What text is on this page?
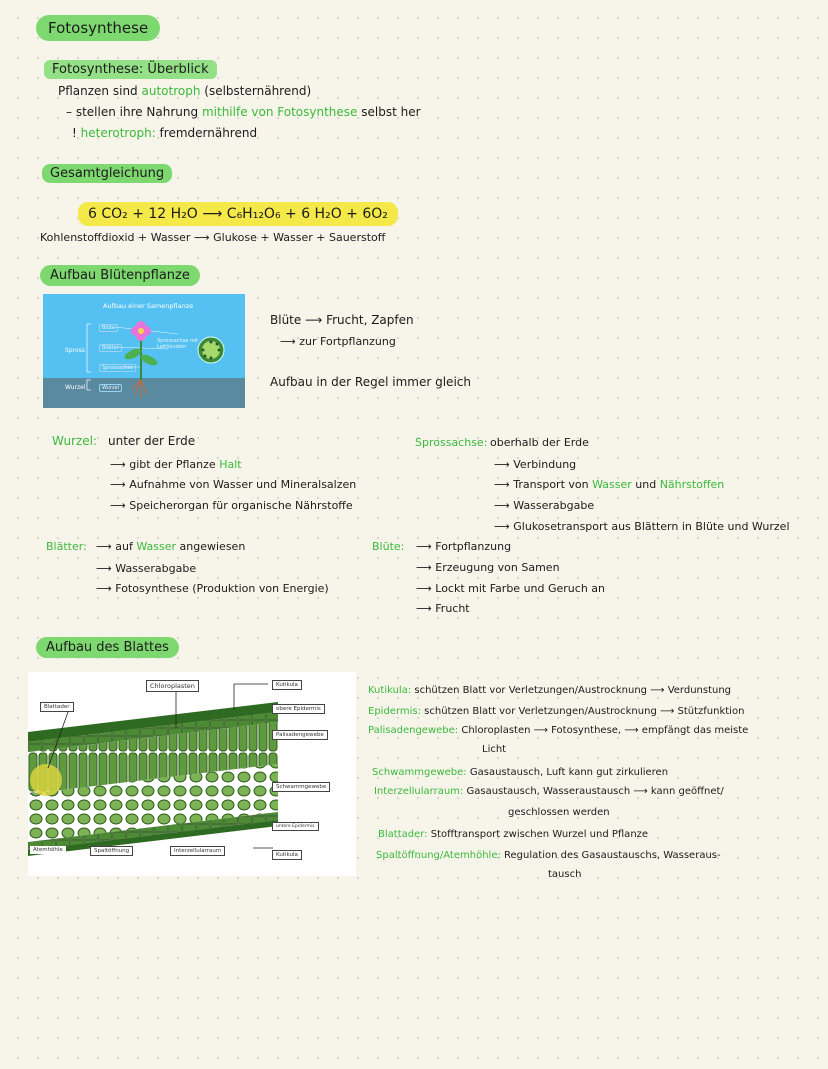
Fotosynthese
Fotosynthese: Überblick
Pflanzen sind autotroph (selbsternährend)
– stellen ihre Nahrung mithilfe von Fotosynthese selbst her
! heterotroph: fremdernährend
Gesamtgleichung
6 CO₂ + 12 H₂O ⟶ C₆H₁₂O₆ + 6 H₂O + 6O₂
Kohlenstoffdioxid + Wasser ⟶ Glukose + Wasser + Sauerstoff
Aufbau Blütenpflanze
Aufbau einer Samenpflanze
Spross
Wurzel
Blüte
Blätter
Sprossachse
Wurzel
Sprossachse mit Leitbündeln
Blüte ⟶ Frucht, Zapfen
⟶ zur Fortpflanzung
Aufbau in der Regel immer gleich
Wurzel: unter der Erde
⟶ gibt der Pflanze Halt
⟶ Aufnahme von Wasser und Mineralsalzen
⟶ Speicherorgan für organische Nährstoffe
Sprossachse: oberhalb der Erde
⟶ Verbindung
⟶ Transport von Wasser und Nährstoffen
⟶ Wasserabgabe
⟶ Glukosetransport aus Blättern in Blüte und Wurzel
Blätter: ⟶ auf Wasser angewiesen
⟶ Wasserabgabe
⟶ Fotosynthese (Produktion von Energie)
Blüte: ⟶ Fortpflanzung
⟶ Erzeugung von Samen
⟶ Lockt mit Farbe und Geruch an
⟶ Frucht
Aufbau des Blattes
Chloroplasten
Blattader
Kutikula
obere Epidermis
Palisadengewebe
Schwammgewebe
untere Epidermis
Kutikula
Atemhöhle	Spaltöffnung	Interzellularraum
Kutikula: schützen Blatt vor Verletzungen/Austrocknung ⟶ Verdunstung
Epidermis: schützen Blatt vor Verletzungen/Austrocknung ⟶ Stützfunktion
Palisadengewebe: Chloroplasten ⟶ Fotosynthese, ⟶ empfängt das meiste
Licht
Schwammgewebe: Gasaustausch, Luft kann gut zirkulieren
Interzellularraum: Gasaustausch, Wasseraustausch ⟶ kann geöffnet/
geschlossen werden
Blattader: Stofftransport zwischen Wurzel und Pflanze
Spaltöffnung/Atemhöhle: Regulation des Gasaustauschs, Wasseraus-
tausch
